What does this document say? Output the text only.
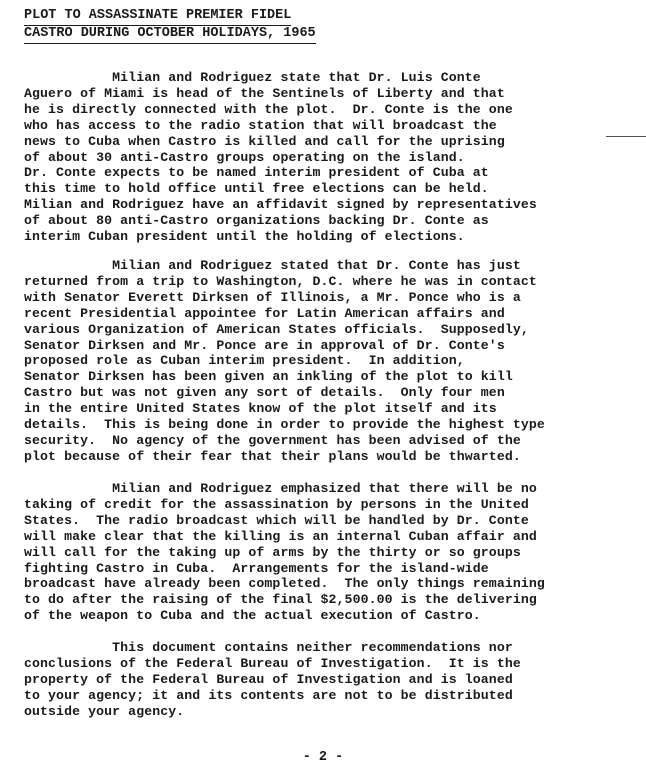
PLOT TO ASSASSINATE PREMIER FIDEL
CASTRO DURING OCTOBER HOLIDAYS, 1965
Milian and Rodriguez state that Dr. Luis Conte
Aguero of Miami is head of the Sentinels of Liberty and that
he is directly connected with the plot.  Dr. Conte is the one
who has access to the radio station that will broadcast the
news to Cuba when Castro is killed and call for the uprising
of about 30 anti-Castro groups operating on the island.
Dr. Conte expects to be named interim president of Cuba at
this time to hold office until free elections can be held.
Milian and Rodriguez have an affidavit signed by representatives
of about 80 anti-Castro organizations backing Dr. Conte as
interim Cuban president until the holding of elections.
Milian and Rodriguez stated that Dr. Conte has just
returned from a trip to Washington, D.C. where he was in contact
with Senator Everett Dirksen of Illinois, a Mr. Ponce who is a
recent Presidential appointee for Latin American affairs and
various Organization of American States officials.  Supposedly,
Senator Dirksen and Mr. Ponce are in approval of Dr. Conte's
proposed role as Cuban interim president.  In addition,
Senator Dirksen has been given an inkling of the plot to kill
Castro but was not given any sort of details.  Only four men
in the entire United States know of the plot itself and its
details.  This is being done in order to provide the highest type
security.  No agency of the government has been advised of the
plot because of their fear that their plans would be thwarted.
Milian and Rodriguez emphasized that there will be no
taking of credit for the assassination by persons in the United
States.  The radio broadcast which will be handled by Dr. Conte
will make clear that the killing is an internal Cuban affair and
will call for the taking up of arms by the thirty or so groups
fighting Castro in Cuba.  Arrangements for the island-wide
broadcast have already been completed.  The only things remaining
to do after the raising of the final $2,500.00 is the delivering
of the weapon to Cuba and the actual execution of Castro.
This document contains neither recommendations nor
conclusions of the Federal Bureau of Investigation.  It is the
property of the Federal Bureau of Investigation and is loaned
to your agency; it and its contents are not to be distributed
outside your agency.
- 2 -
